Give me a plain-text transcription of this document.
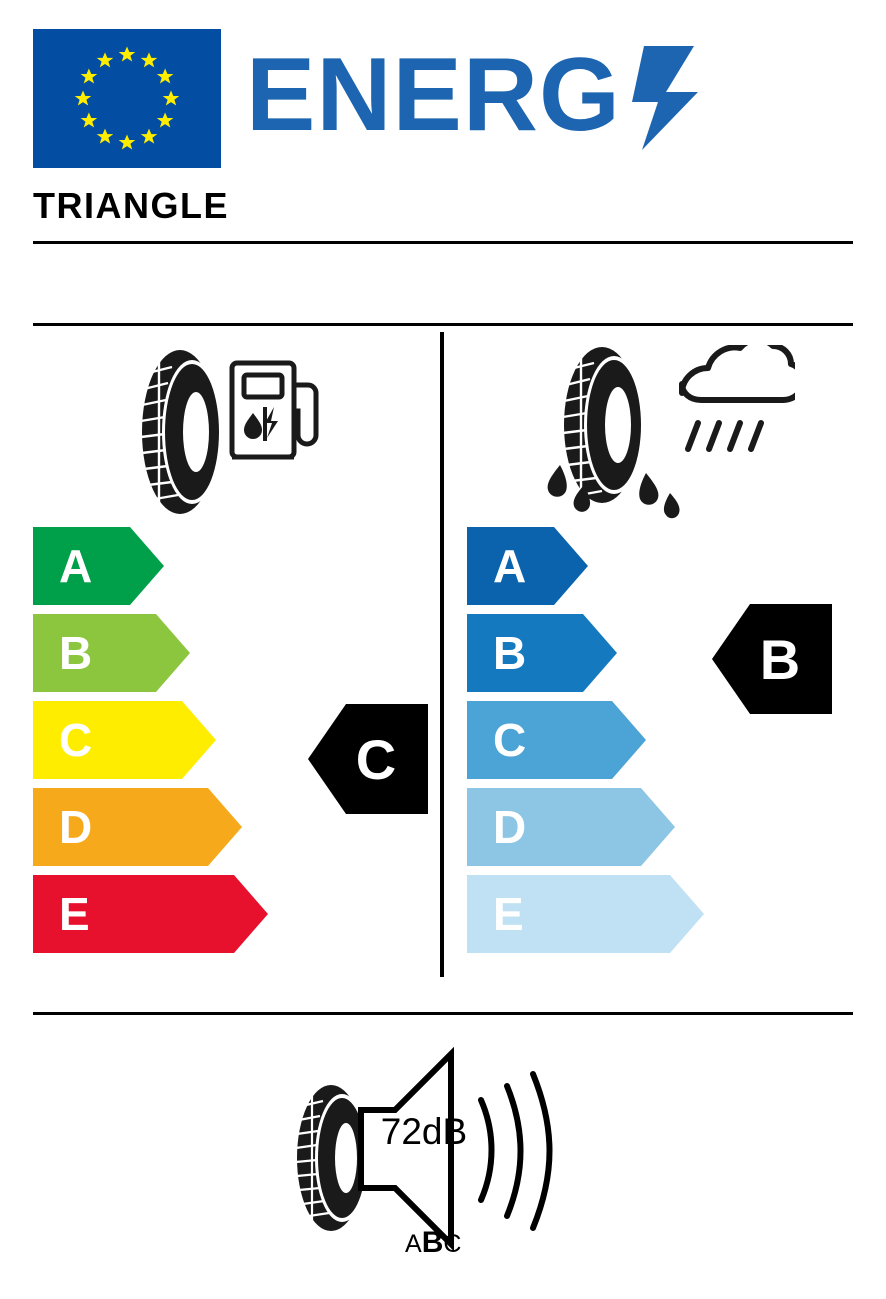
ENERG
TRIANGLE
A
B
C
D
E
A
B
C
D
E
C
B
72dB
ABC
